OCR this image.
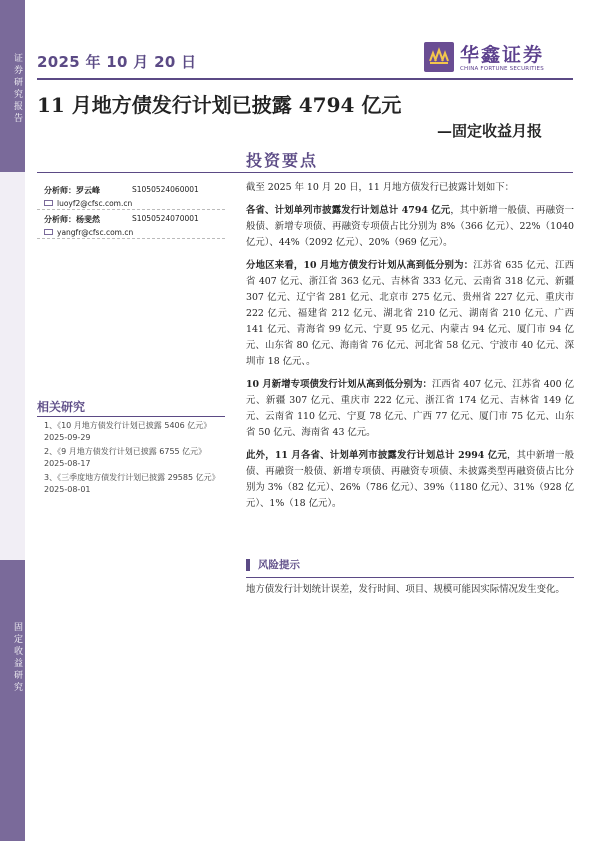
证券研究报告
固定收益研究
2025 年 10 月 20 日	华鑫证券
CHINA FORTUNE SECURITIES
11 月地方债发行计划已披露 4794 亿元
—固定收益月报
投资要点
分析师：罗云峰	S1050524060001
luoyf2@cfsc.com.cn
分析师：杨斐然	S1050524070001
yangfr@cfsc.com.cn
相关研究
1、《10 月地方债发行计划已披露 5406 亿元》2025-09-29
2、《9 月地方债发行计划已披露 6755 亿元》2025-08-17
3、《三季度地方债发行计划已披露 29585 亿元》2025-08-01

截至 2025 年 10 月 20 日，11 月地方债发行已披露计划如下：

各省、计划单列市披露发行计划总计 4794 亿元，其中新增一般债、再融资一般债、新增专项债、再融资专项债占比分别为 8%（366 亿元）、22%（1040 亿元）、44%（2092 亿元）、20%（969 亿元）。

分地区来看，10 月地方债发行计划从高到低分别为：江苏省 635 亿元、江西省 407 亿元、浙江省 363 亿元、吉林省 333 亿元、云南省 318 亿元、新疆 307 亿元、辽宁省 281 亿元、北京市 275 亿元、贵州省 227 亿元、重庆市 222 亿元、福建省 212 亿元、湖北省 210 亿元、湖南省 210 亿元、广西 141 亿元、青海省 99 亿元、宁夏 95 亿元、内蒙古 94 亿元、厦门市 94 亿元、山东省 80 亿元、海南省 76 亿元、河北省 58 亿元、宁波市 40 亿元、深圳市 18 亿元、。

10 月新增专项债发行计划从高到低分别为：江西省 407 亿元、江苏省 400 亿元、新疆 307 亿元、重庆市 222 亿元、浙江省 174 亿元、吉林省 149 亿元、云南省 110 亿元、宁夏 78 亿元、广西 77 亿元、厦门市 75 亿元、山东省 50 亿元、海南省 43 亿元。

此外，11 月各省、计划单列市披露发行计划总计 2994 亿元，其中新增一般债、再融资一般债、新增专项债、再融资专项债、未披露类型再融资债占比分别为 3%（82 亿元）、26%（786 亿元）、39%（1180 亿元）、31%（928 亿元）、1%（18 亿元）。

风险提示
地方债发行计划统计误差，发行时间、项目、规模可能因实际情况发生变化。
